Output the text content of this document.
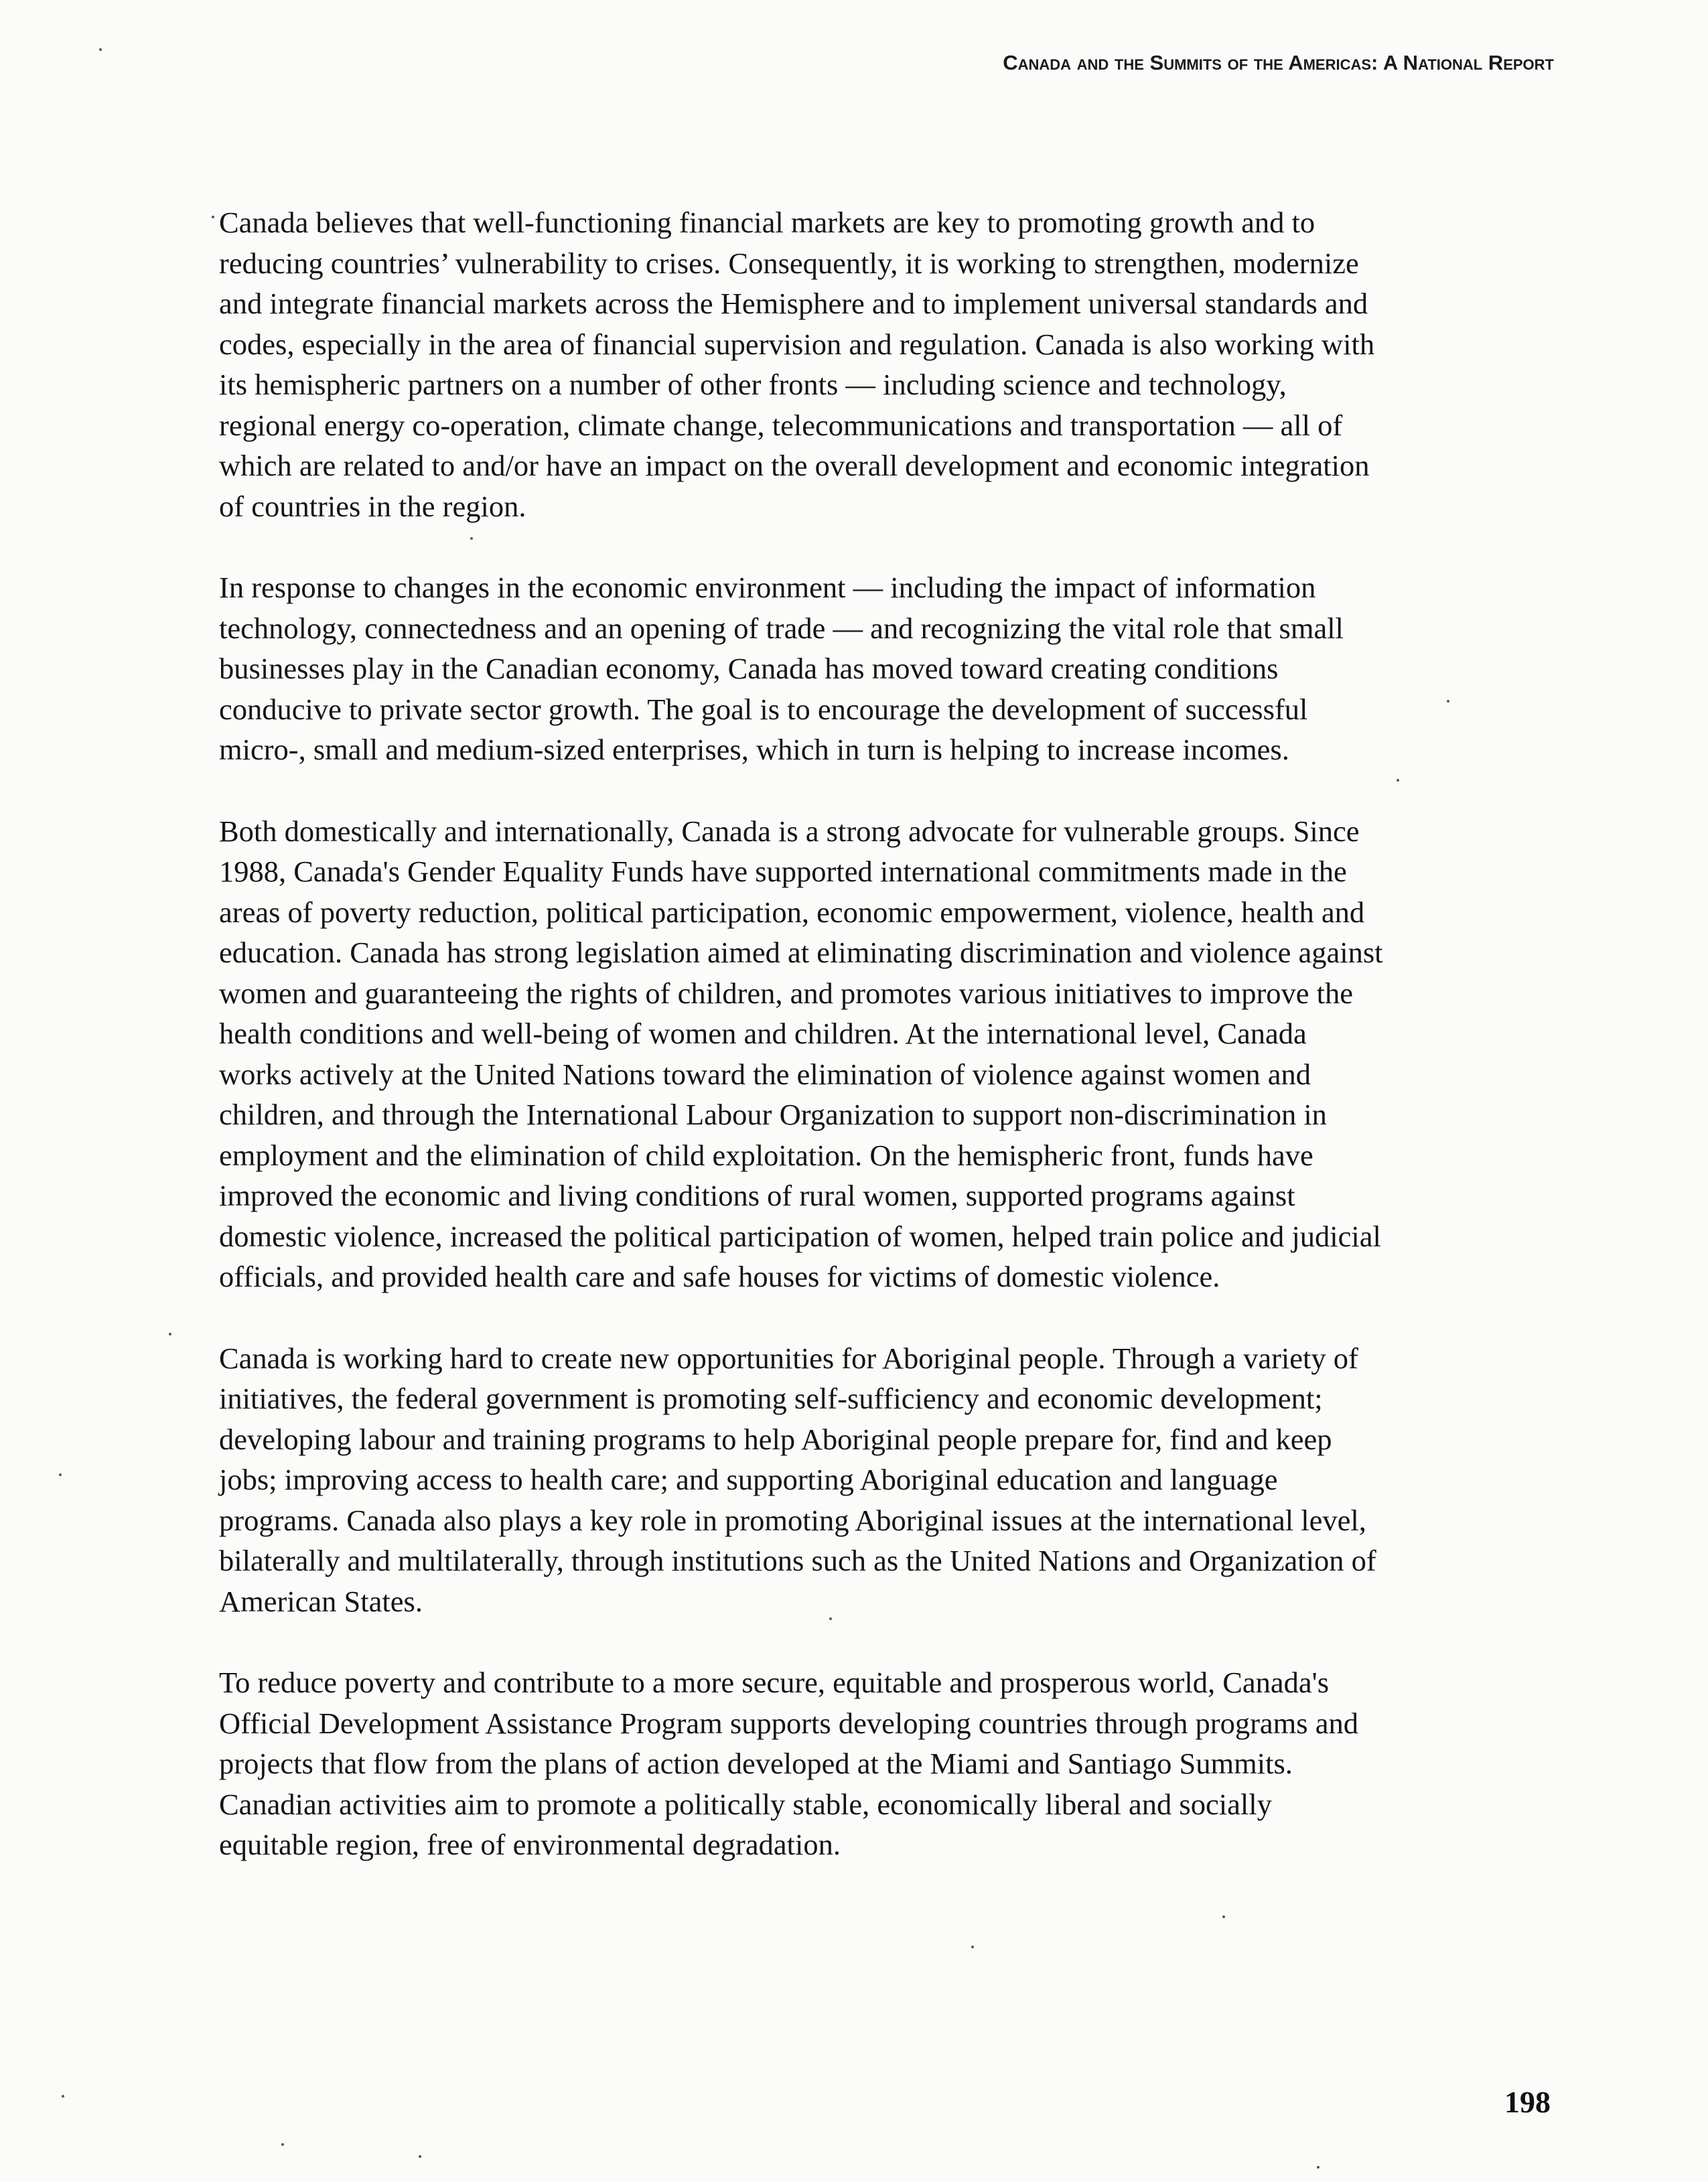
Canada and the Summits of the Americas: A National Report

Canada believes that well-functioning financial markets are key to promoting growth and to
reducing countries’ vulnerability to crises. Consequently, it is working to strengthen, modernize
and integrate financial markets across the Hemisphere and to implement universal standards and
codes, especially in the area of financial supervision and regulation. Canada is also working with
its hemispheric partners on a number of other fronts — including science and technology,
regional energy co-operation, climate change, telecommunications and transportation — all of
which are related to and/or have an impact on the overall development and economic integration
of countries in the region.

In response to changes in the economic environment — including the impact of information
technology, connectedness and an opening of trade — and recognizing the vital role that small
businesses play in the Canadian economy, Canada has moved toward creating conditions
conducive to private sector growth. The goal is to encourage the development of successful
micro-, small and medium-sized enterprises, which in turn is helping to increase incomes.

Both domestically and internationally, Canada is a strong advocate for vulnerable groups. Since
1988, Canada's Gender Equality Funds have supported international commitments made in the
areas of poverty reduction, political participation, economic empowerment, violence, health and
education. Canada has strong legislation aimed at eliminating discrimination and violence against
women and guaranteeing the rights of children, and promotes various initiatives to improve the
health conditions and well-being of women and children. At the international level, Canada
works actively at the United Nations toward the elimination of violence against women and
children, and through the International Labour Organization to support non-discrimination in
employment and the elimination of child exploitation. On the hemispheric front, funds have
improved the economic and living conditions of rural women, supported programs against
domestic violence, increased the political participation of women, helped train police and judicial
officials, and provided health care and safe houses for victims of domestic violence.

Canada is working hard to create new opportunities for Aboriginal people. Through a variety of
initiatives, the federal government is promoting self-sufficiency and economic development;
developing labour and training programs to help Aboriginal people prepare for, find and keep
jobs; improving access to health care; and supporting Aboriginal education and language
programs. Canada also plays a key role in promoting Aboriginal issues at the international level,
bilaterally and multilaterally, through institutions such as the United Nations and Organization of
American States.

To reduce poverty and contribute to a more secure, equitable and prosperous world, Canada's
Official Development Assistance Program supports developing countries through programs and
projects that flow from the plans of action developed at the Miami and Santiago Summits.
Canadian activities aim to promote a politically stable, economically liberal and socially
equitable region, free of environmental degradation.

198
